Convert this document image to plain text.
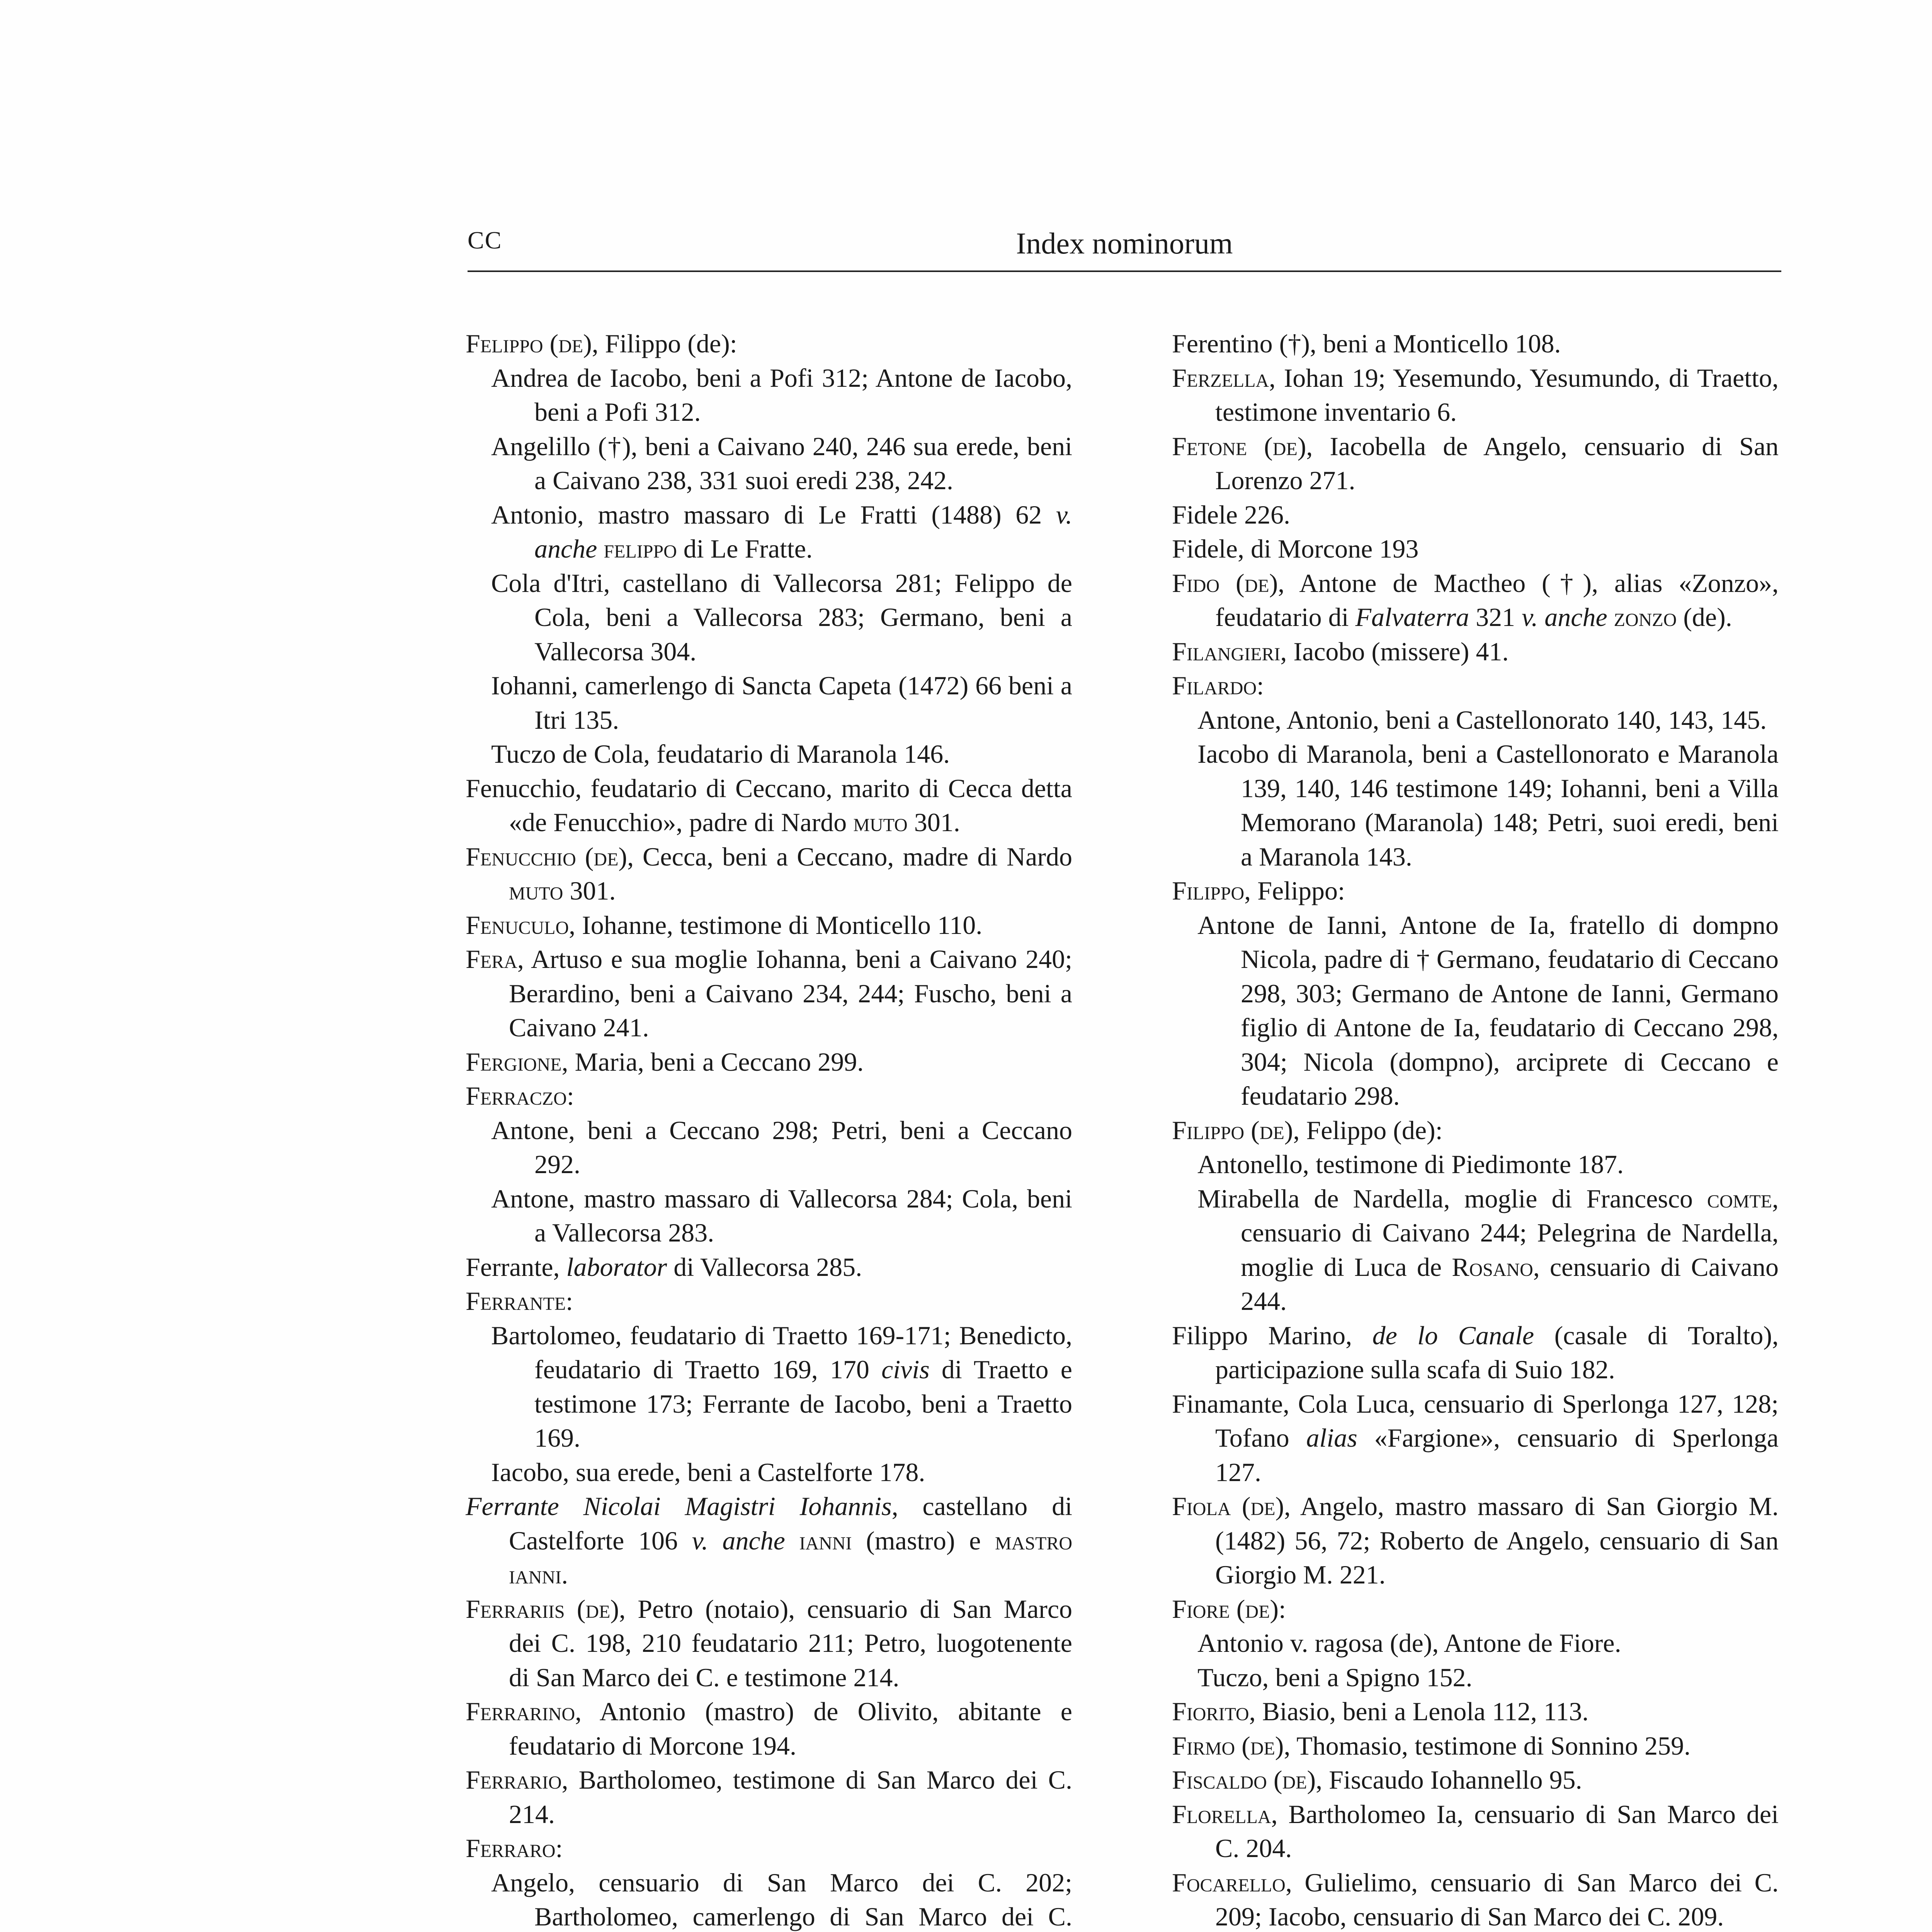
CC	Index nominorum

Felippo (de), Filippo (de):

Andrea de Iacobo, beni a Pofi 312; Antone de Iacobo, beni a Pofi 312.

Angelillo (†), beni a Caivano 240, 246 sua erede, beni a Caivano 238, 331 suoi eredi 238, 242.

Antonio, mastro massaro di Le Fratti (1488) 62 v. anche felippo di Le Fratte.

Cola d'Itri, castellano di Vallecorsa 281; Felippo de Cola, beni a Vallecorsa 283; Germano, beni a Vallecorsa 304.

Iohanni, camerlengo di Sancta Capeta (1472) 66 beni a Itri 135.

Tuczo de Cola, feudatario di Maranola 146.

Fenucchio, feudatario di Ceccano, marito di Cecca detta «de Fenucchio», padre di Nardo muto 301.

Fenucchio (de), Cecca, beni a Ceccano, madre di Nardo muto 301.

Fenuculo, Iohanne, testimone di Monticello 110.

Fera, Artuso e sua moglie Iohanna, beni a Caivano 240; Berardino, beni a Caivano 234, 244; Fuscho, beni a Caivano 241.

Fergione, Maria, beni a Ceccano 299.

Ferraczo:

Antone, beni a Ceccano 298; Petri, beni a Ceccano 292.

Antone, mastro massaro di Vallecorsa 284; Cola, beni a Vallecorsa 283.

Ferrante, laborator di Vallecorsa 285.

Ferrante:

Bartolomeo, feudatario di Traetto 169-171; Benedicto, feudatario di Traetto 169, 170 civis di Traetto e testimone 173; Ferrante de Iacobo, beni a Traetto 169.

Iacobo, sua erede, beni a Castelforte 178.

Ferrante Nicolai Magistri Iohannis, castellano di Castelforte 106 v. anche ianni (mastro) e mastro ianni.

Ferrariis (de), Petro (notaio), censuario di San Marco dei C. 198, 210 feudatario 211; Petro, luogotenente di San Marco dei C. e testimone 214.

Ferrarino, Antonio (mastro) de Olivito, abitante e feudatario di Morcone 194.

Ferrario, Bartholomeo, testimone di San Marco dei C. 214.

Ferraro:

Angelo, censuario di San Marco dei C. 202; Bartholomeo, camerlengo di San Marco dei C.

Ferentino (†), beni a Monticello 108.

Ferzella, Iohan 19; Yesemundo, Yesumundo, di Traetto, testimone inventario 6.

Fetone (de), Iacobella de Angelo, censuario di San Lorenzo 271.

Fidele 226.

Fidele, di Morcone 193

Fido (de), Antone de Mactheo (†), alias «Zonzo», feudatario di Falvaterra 321 v. anche zonzo (de).

Filangieri, Iacobo (missere) 41.

Filardo:

Antone, Antonio, beni a Castellonorato 140, 143, 145.

Iacobo di Maranola, beni a Castellonorato e Maranola 139, 140, 146 testimone 149; Iohanni, beni a Villa Memorano (Maranola) 148; Petri, suoi eredi, beni a Maranola 143.

Filippo, Felippo:

Antone de Ianni, Antone de Ia, fratello di dompno Nicola, padre di † Germano, feudatario di Ceccano 298, 303; Germano de Antone de Ianni, Germano figlio di Antone de Ia, feudatario di Ceccano 298, 304; Nicola (dompno), arciprete di Ceccano e feudatario 298.

Filippo (de), Felippo (de):

Antonello, testimone di Piedimonte 187.

Mirabella de Nardella, moglie di Francesco comte, censuario di Caivano 244; Pelegrina de Nardella, moglie di Luca de Rosano, censuario di Caivano 244.

Filippo Marino, de lo Canale (casale di Toralto), participazione sulla scafa di Suio 182.

Finamante, Cola Luca, censuario di Sperlonga 127, 128; Tofano alias «Fargione», censuario di Sperlonga 127.

Fiola (de), Angelo, mastro massaro di San Giorgio M. (1482) 56, 72; Roberto de Angelo, censuario di San Giorgio M. 221.

Fiore (de):

Antonio v. ragosa (de), Antone de Fiore.

Tuczo, beni a Spigno 152.

Fiorito, Biasio, beni a Lenola 112, 113.

Firmo (de), Thomasio, testimone di Sonnino 259.

Fiscaldo (de), Fiscaudo Iohannello 95.

Florella, Bartholomeo Ia, censuario di San Marco dei C. 204.

Focarello, Gulielimo, censuario di San Marco dei C. 209; Iacobo, censuario di San Marco dei C. 209.
